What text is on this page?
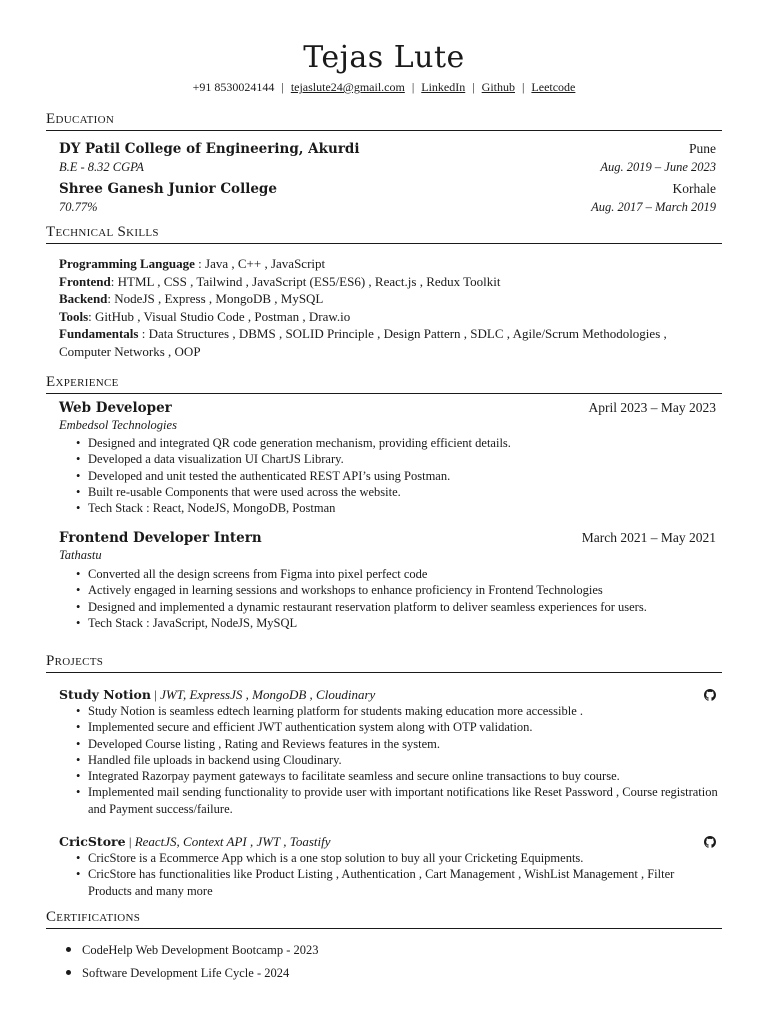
Tejas Lute
+91 8530024144 | tejaslute24@gmail.com | LinkedIn | Github | Leetcode
Education
DY Patil College of Engineering, Akurdi	Pune
B.E - 8.32 CGPA	Aug. 2019 – June 2023
Shree Ganesh Junior College	Korhale
70.77%	Aug. 2017 – March 2019
Technical Skills
Programming Language : Java , C++ , JavaScript
Frontend: HTML , CSS , Tailwind , JavaScript (ES5/ES6) , React.js , Redux Toolkit
Backend: NodeJS , Express , MongoDB , MySQL
Tools: GitHub , Visual Studio Code , Postman , Draw.io
Fundamentals : Data Structures , DBMS , SOLID Principle , Design Pattern , SDLC , Agile/Scrum Methodologies , Computer Networks , OOP
Experience
Web Developer	April 2023 – May 2023
Embedsol Technologies
• Designed and integrated QR code generation mechanism, providing efficient details.
• Developed a data visualization UI ChartJS Library.
• Developed and unit tested the authenticated REST API’s using Postman.
• Built re-usable Components that were used across the website.
• Tech Stack : React, NodeJS, MongoDB, Postman
Frontend Developer Intern	March 2021 – May 2021
Tathastu
• Converted all the design screens from Figma into pixel perfect code
• Actively engaged in learning sessions and workshops to enhance proficiency in Frontend Technologies
• Designed and implemented a dynamic restaurant reservation platform to deliver seamless experiences for users.
• Tech Stack : JavaScript, NodeJS, MySQL
Projects
Study Notion | JWT, ExpressJS , MongoDB , Cloudinary
• Study Notion is seamless edtech learning platform for students making education more accessible .
• Implemented secure and efficient JWT authentication system along with OTP validation.
• Developed Course listing , Rating and Reviews features in the system.
• Handled file uploads in backend using Cloudinary.
• Integrated Razorpay payment gateways to facilitate seamless and secure online transactions to buy course.
• Implemented mail sending functionality to provide user with important notifications like Reset Password , Course registration and Payment success/failure.
CricStore | ReactJS, Context API , JWT , Toastify
• CricStore is a Ecommerce App which is a one stop solution to buy all your Cricketing Equipments.
• CricStore has functionalities like Product Listing , Authentication , Cart Management , WishList Management , Filter Products and many more
Certifications
CodeHelp Web Development Bootcamp - 2023
Software Development Life Cycle - 2024
